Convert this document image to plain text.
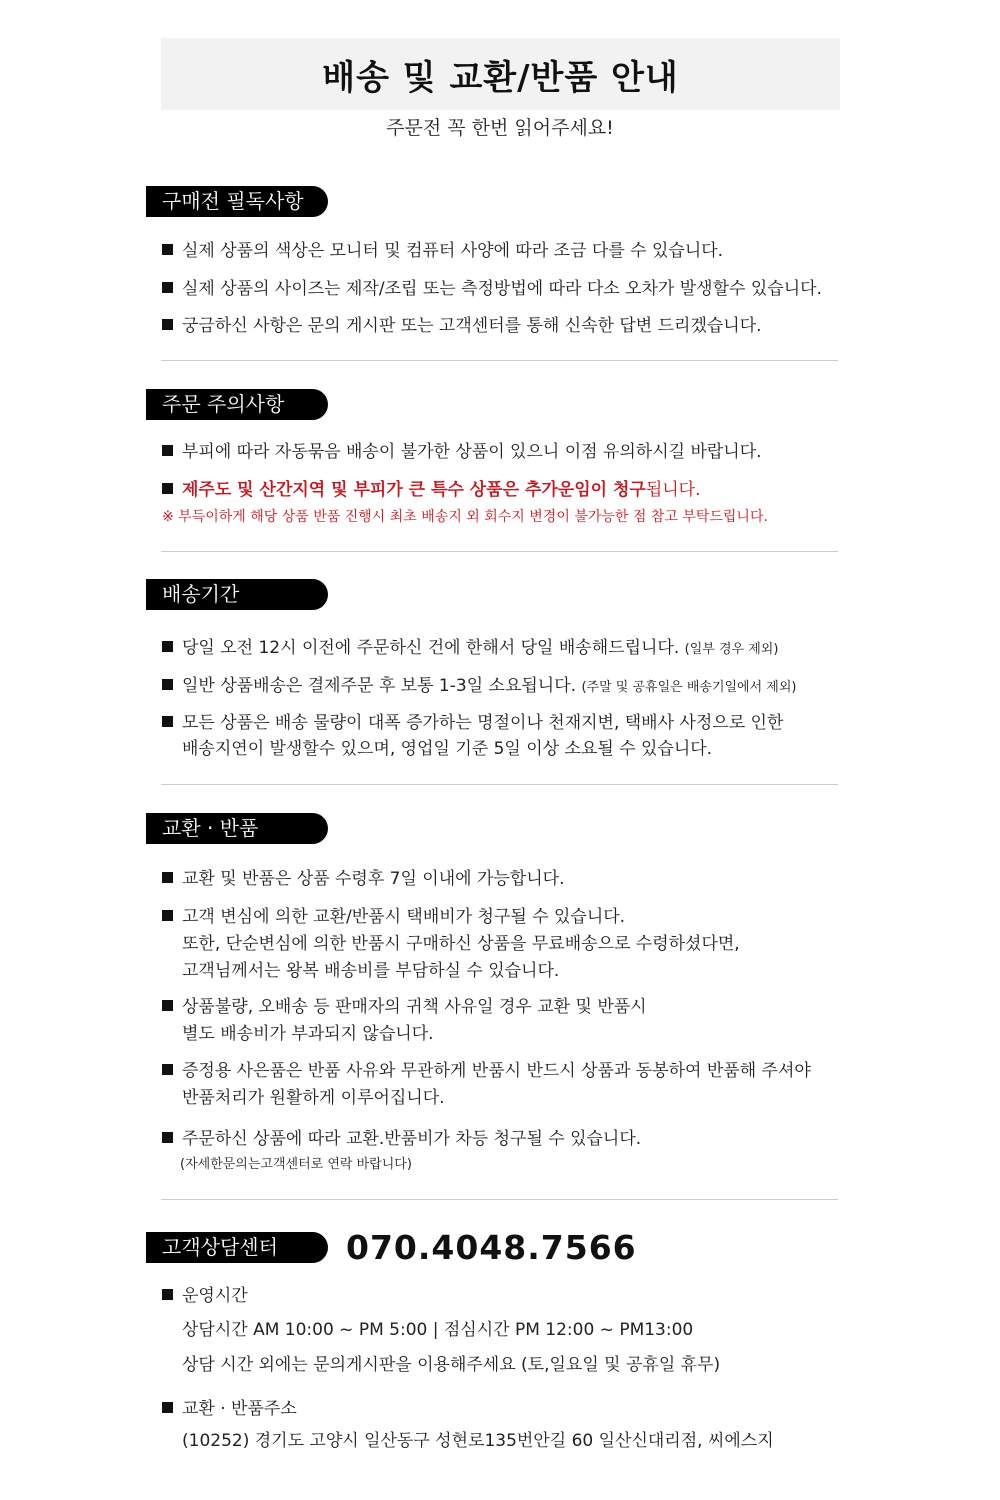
배송 및 교환/반품 안내
주문전 꼭 한번 읽어주세요!
구매전 필독사항
실제 상품의 색상은 모니터 및 컴퓨터 사양에 따라 조금 다를 수 있습니다.
실제 상품의 사이즈는 제작/조립 또는 측정방법에 따라 다소 오차가 발생할수 있습니다.
궁금하신 사항은 문의 게시판 또는 고객센터를 통해 신속한 답변 드리겠습니다.
주문 주의사항
부피에 따라 자동묶음 배송이 불가한 상품이 있으니 이점 유의하시길 바랍니다.
제주도 및 산간지역 및 부피가 큰 특수 상품은 추가운임이 청구됩니다.
※ 부득이하게 해당 상품 반품 진행시 최초 배송지 외 회수지 변경이 불가능한 점 참고 부탁드립니다.
배송기간
당일 오전 12시 이전에 주문하신 건에 한해서 당일 배송해드립니다. (일부 경우 제외)
일반 상품배송은 결제주문 후 보통 1-3일 소요됩니다. (주말 및 공휴일은 배송기일에서 제외)
모든 상품은 배송 물량이 대폭 증가하는 명절이나 천재지변, 택배사 사정으로 인한
배송지연이 발생할수 있으며, 영업일 기준 5일 이상 소요될 수 있습니다.
교환 · 반품
교환 및 반품은 상품 수령후 7일 이내에 가능합니다.
고객 변심에 의한 교환/반품시 택배비가 청구될 수 있습니다.
또한, 단순변심에 의한 반품시 구매하신 상품을 무료배송으로 수령하셨다면,
고객님께서는 왕복 배송비를 부담하실 수 있습니다.
상품불량, 오배송 등 판매자의 귀책 사유일 경우 교환 및 반품시
별도 배송비가 부과되지 않습니다.
증정용 사은품은 반품 사유와 무관하게 반품시 반드시 상품과 동봉하여 반품해 주셔야
반품처리가 원활하게 이루어집니다.
주문하신 상품에 따라 교환.반품비가 차등 청구될 수 있습니다.
(자세한문의는고객센터로 연락 바랍니다)
고객상담센터	070.4048.7566
운영시간
상담시간 AM 10:00 ~ PM 5:00 | 점심시간 PM 12:00 ~ PM13:00
상담 시간 외에는 문의게시판을 이용해주세요 (토,일요일 및 공휴일 휴무)
교환 · 반품주소
(10252) 경기도 고양시 일산동구 성현로135번안길 60 일산신대리점, 씨에스지
